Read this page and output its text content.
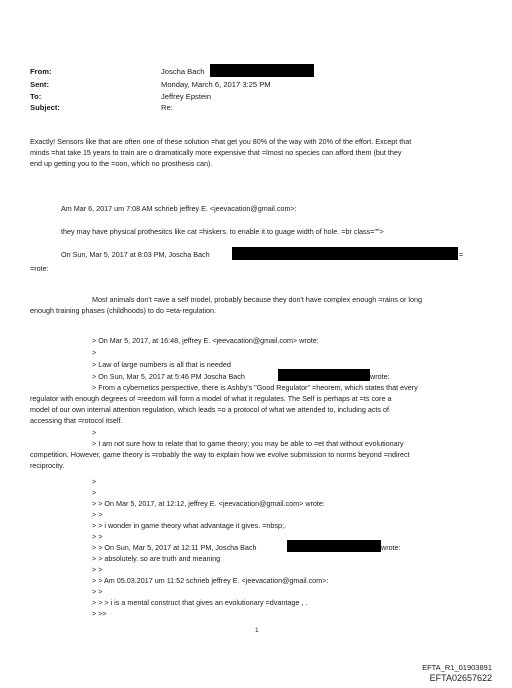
From:	Joscha Bach
Sent:	Monday, March 6, 2017 3:25 PM
To:	Jeffrey Epstein
Subject:	Re:
Exactly! Sensors like that are often one of these solution =hat get you 80% of the way with 20% of the effort. Except that
minds =hat take 15 years to train are o dramatically more expensive that =lmost no species can afford them (but they
end up getting you to the =oon, which no prosthesis can).
Am Mar 6, 2017 um 7:08 AM schrieb jeffrey E. <jeevacation@gmail.com>:
they may have physical prothesitcs like cat =hiskers. to enable it to guage width of hole. =br class="">
On Sun, Mar 5, 2017 at 8:03 PM, Joscha Bach	=
=rote:
Most animals don't =ave a self model, probably because they don't have complex enough =rains or long
enough training phases (childhoods) to do =eta-regulation.
> On Mar 5, 2017, at 16:48, jeffrey E. <jeevacation@gmail.com> wrote:
>
> Law of large numbers is all that is needed
> On Sun, Mar 5, 2017 at 5:46 PM Joscha Bach	wrote:
> From a cybernetics perspective, there is Ashby's "Good Regulator" =heorem, which states that every
regulator with enough degrees of =reedom will form a model of what it regulates. The Self is perhaps at =ts core a
model of our own internal attention regulation, which leads =o a protocol of what we attended to, including acts of
accessing that =rotocol itself.
>
> I am not sure how to relate that to game theory; you may be able to =et that without evolutionary
competition. However, game theory is =robably the way to explain how we evolve submission to norms beyond =ndirect
reciprocity.
>
>
> > On Mar 5, 2017, at 12:12, jeffrey E. <jeevacation@gmail.com> wrote:
> >
> > i wonder in game theory what advantage it gives. =nbsp;.
> >
> > On Sun, Mar 5, 2017 at 12:11 PM, Joscha Bach	wrote:
> > absolutely. so are truth and meaning
> >
> > Am 05.03.2017 um 11:52 schrieb jeffrey E. <jeevacation@gmail.com>:
> >
> > > i is a mental construct that gives an evolutionary =dvantage , .
> >>
1
EFTA_R1_01903891
EFTA02657622
